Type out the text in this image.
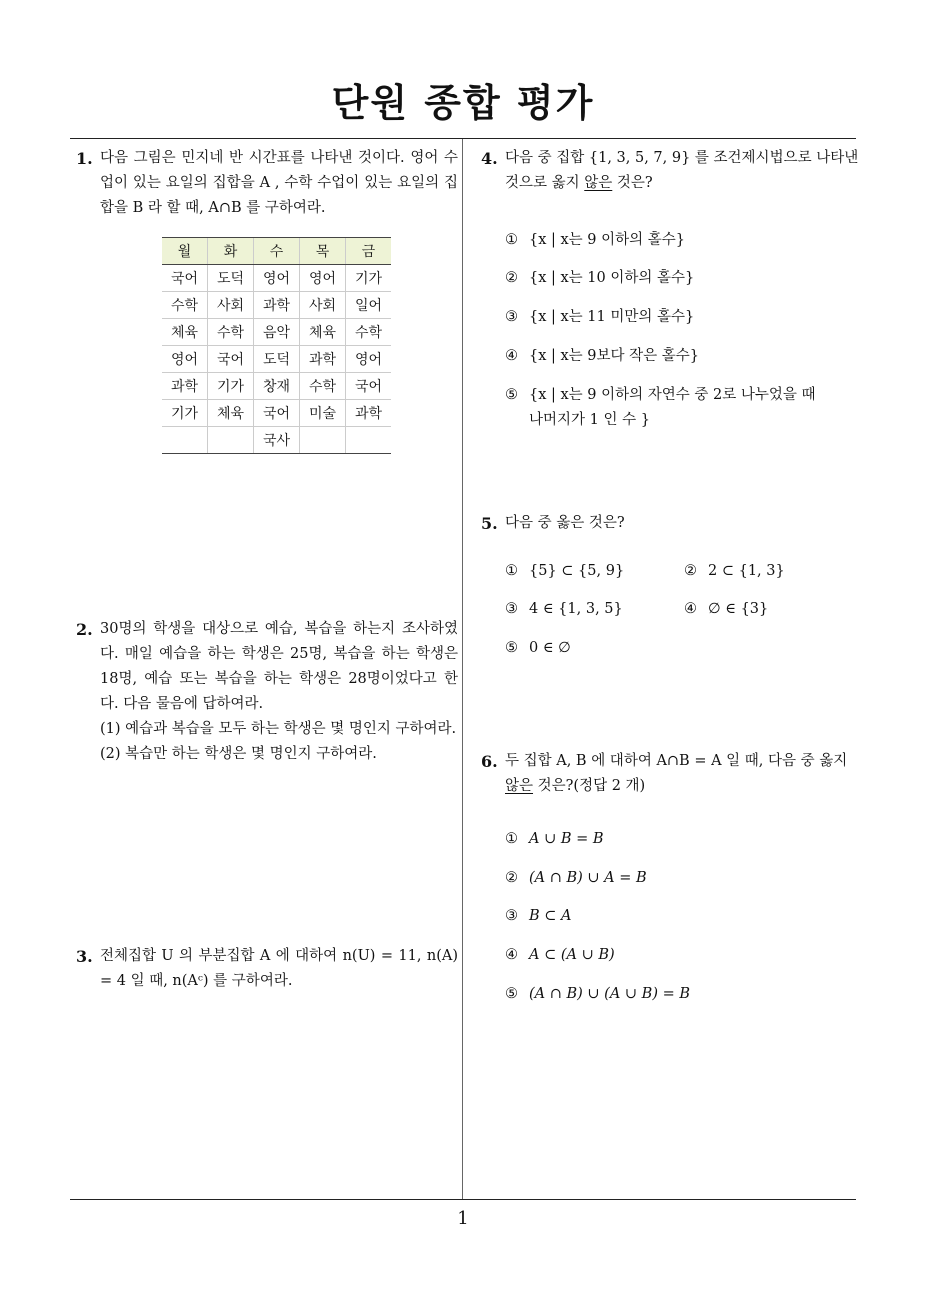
단원 종합 평가
1
1. 다음 그림은 민지네 반 시간표를 나타낸 것이다. 영어 수업이 있는 요일의 집합을 A , 수학 수업이 있는 요일의 집합을 B 라 할 때, A∩B 를 구하여라.
월	화	수	목	금
국어	도덕	영어	영어	기가
수학	사회	과학	사회	일어
체육	수학	음악	체육	수학
영어	국어	도덕	과학	영어
과학	기가	창재	수학	국어
기가	체육	국어	미술	과학
		국사		
2. 30명의 학생을 대상으로 예습, 복습을 하는지 조사하였다. 매일 예습을 하는 학생은 25명, 복습을 하는 학생은 18명, 예습 또는 복습을 하는 학생은 28명이었다고 한다. 다음 물음에 답하여라.
(1) 예습과 복습을 모두 하는 학생은 몇 명인지 구하여라.
(2) 복습만 하는 학생은 몇 명인지 구하여라.
3. 전체집합 U 의 부분집합 A 에 대하여 n(U) = 11, n(A) = 4 일 때, n(Aᶜ) 를 구하여라.
4. 다음 중 집합 {1, 3, 5, 7, 9} 를 조건제시법으로 나타낸 것으로 옳지 않은 것은?
① {x | x는 9 이하의 홀수}
② {x | x는 10 이하의 홀수}
③ {x | x는 11 미만의 홀수}
④ {x | x는 9보다 작은 홀수}
⑤ {x | x는 9 이하의 자연수 중 2로 나누었을 때
나머지가 1 인 수 }
5. 다음 중 옳은 것은?
① {5} ⊂ {5, 9}	② 2 ⊂ {1, 3}
③ 4 ∈ {1, 3, 5}	④ ∅ ∈ {3}
⑤ 0 ∈ ∅
6. 두 집합 A, B 에 대하여 A∩B = A 일 때, 다음 중 옳지 않은 것은?(정답 2 개)
① A ∪ B = B
② (A ∩ B) ∪ A = B
③ B ⊂ A
④ A ⊂ (A ∪ B)
⑤ (A ∩ B) ∪ (A ∪ B) = B
